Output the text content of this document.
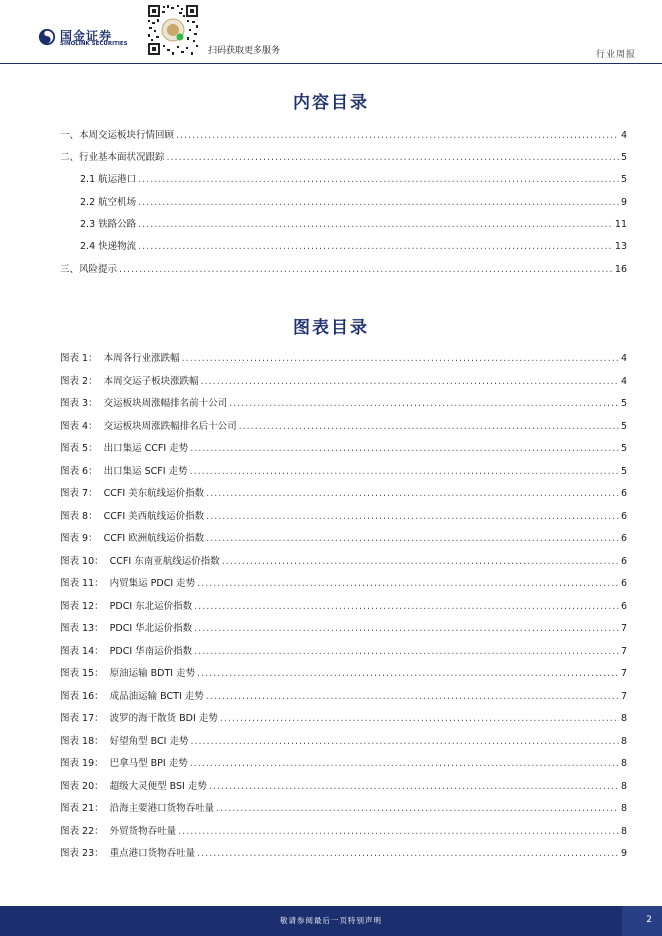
国金证券
SINOLINK SECURITIES
扫码获取更多服务	行业周报
内容目录
一、本周交运板块行情回顾 .....	4
二、行业基本面状况跟踪 .....	5
2.1 航运港口 .....	5
2.2 航空机场 .....	9
2.3 铁路公路 .....	11
2.4 快递物流 .....	13
三、风险提示 .....	16
图表目录
图表 1：  本周各行业涨跌幅 .....	4
图表 2：  本周交运子板块涨跌幅 .....	4
图表 3：  交运板块周涨幅排名前十公司 .....	5
图表 4：  交运板块周涨跌幅排名后十公司 .....	5
图表 5：  出口集运 CCFI 走势 .....	5
图表 6：  出口集运 SCFI 走势 .....	5
图表 7：  CCFI 美东航线运价指数 .....	6
图表 8：  CCFI 美西航线运价指数 .....	6
图表 9：  CCFI 欧洲航线运价指数 .....	6
图表 10：  CCFI 东南亚航线运价指数 .....	6
图表 11：  内贸集运 PDCI 走势 .....	6
图表 12：  PDCI 东北运价指数 .....	6
图表 13：  PDCI 华北运价指数 .....	7
图表 14：  PDCI 华南运价指数 .....	7
图表 15：  原油运输 BDTI 走势 .....	7
图表 16：  成品油运输 BCTI 走势 .....	7
图表 17：  波罗的海干散货 BDI 走势 .....	8
图表 18：  好望角型 BCI 走势 .....	8
图表 19：  巴拿马型 BPI 走势 .....	8
图表 20：  超级大灵便型 BSI 走势 .....	8
图表 21：  沿海主要港口货物吞吐量 .....	8
图表 22：  外贸货物吞吐量 .....	8
图表 23：  重点港口货物吞吐量 .....	9
敬请参阅最后一页特别声明	2
